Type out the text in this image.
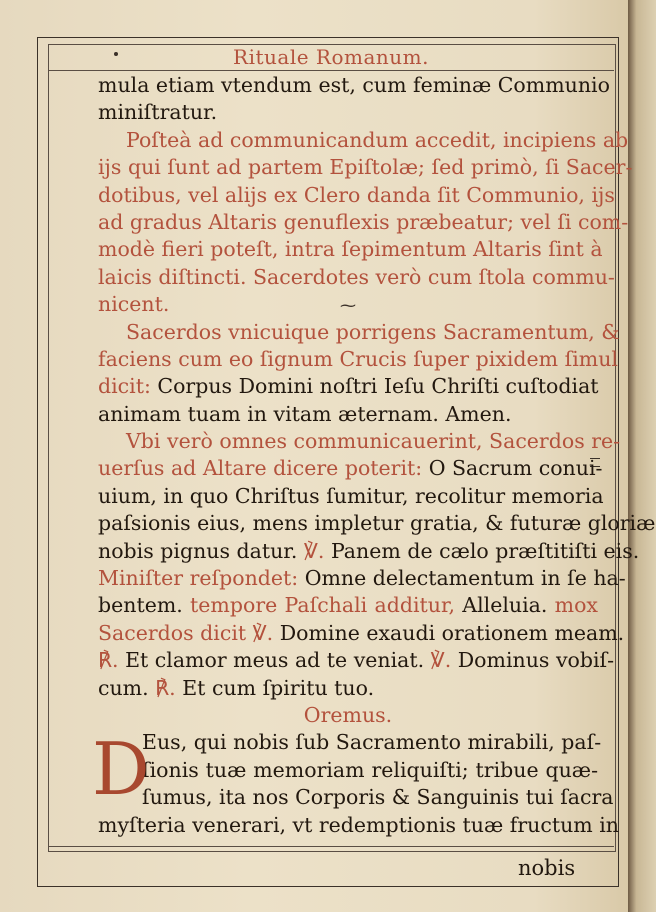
Rituale Romanum.
⁓
mula etiam vtendum est, cum feminæ Communio
miniſtratur.
Poſteà ad communicandum accedit, incipiens ab
ijs qui ſunt ad partem Epiſtolæ; ſed primò, ſi Sacer-
dotibus, vel alijs ex Clero danda ſit Communio, ijs
ad gradus Altaris genuflexis præbeatur; vel ſi com-
modè fieri poteſt, intra ſepimentum Altaris ſint à
laicis diſtincti. Sacerdotes verò cum ſtola commu-
nicent.
Sacerdos vnicuique porrigens Sacramentum, &
faciens cum eo ſignum Crucis ſuper pixidem ſimul
dicit: Corpus Domini noſtri Ieſu Chriſti cuſtodiat
animam tuam in vitam æternam. Amen.
Vbi verò omnes communicauerint, Sacerdos re-
uerſus ad Altare dicere poterit: O Sacrum conui-
uium, in quo Chriſtus ſumitur, recolitur memoria
paſsionis eius, mens impletur gratia, & futuræ gloriæ
nobis pignus datur. ℣. Panem de cælo præſtitiſti eis.
Miniſter reſpondet: Omne delectamentum in ſe ha-
bentem. tempore Paſchali additur, Alleluia. mox
Sacerdos dicit ℣. Domine exaudi orationem meam.
℟. Et clamor meus ad te veniat. ℣. Dominus vobiſ-
cum. ℟. Et cum ſpiritu tuo.
Oremus.
Eus, qui nobis ſub Sacramento mirabili, paſ-
ſionis tuæ memoriam reliquiſti; tribue quæ-
ſumus, ita nos Corporis & Sanguinis tui ſacra
myſteria venerari, vt redemptionis tuæ fructum in
D
nobis
